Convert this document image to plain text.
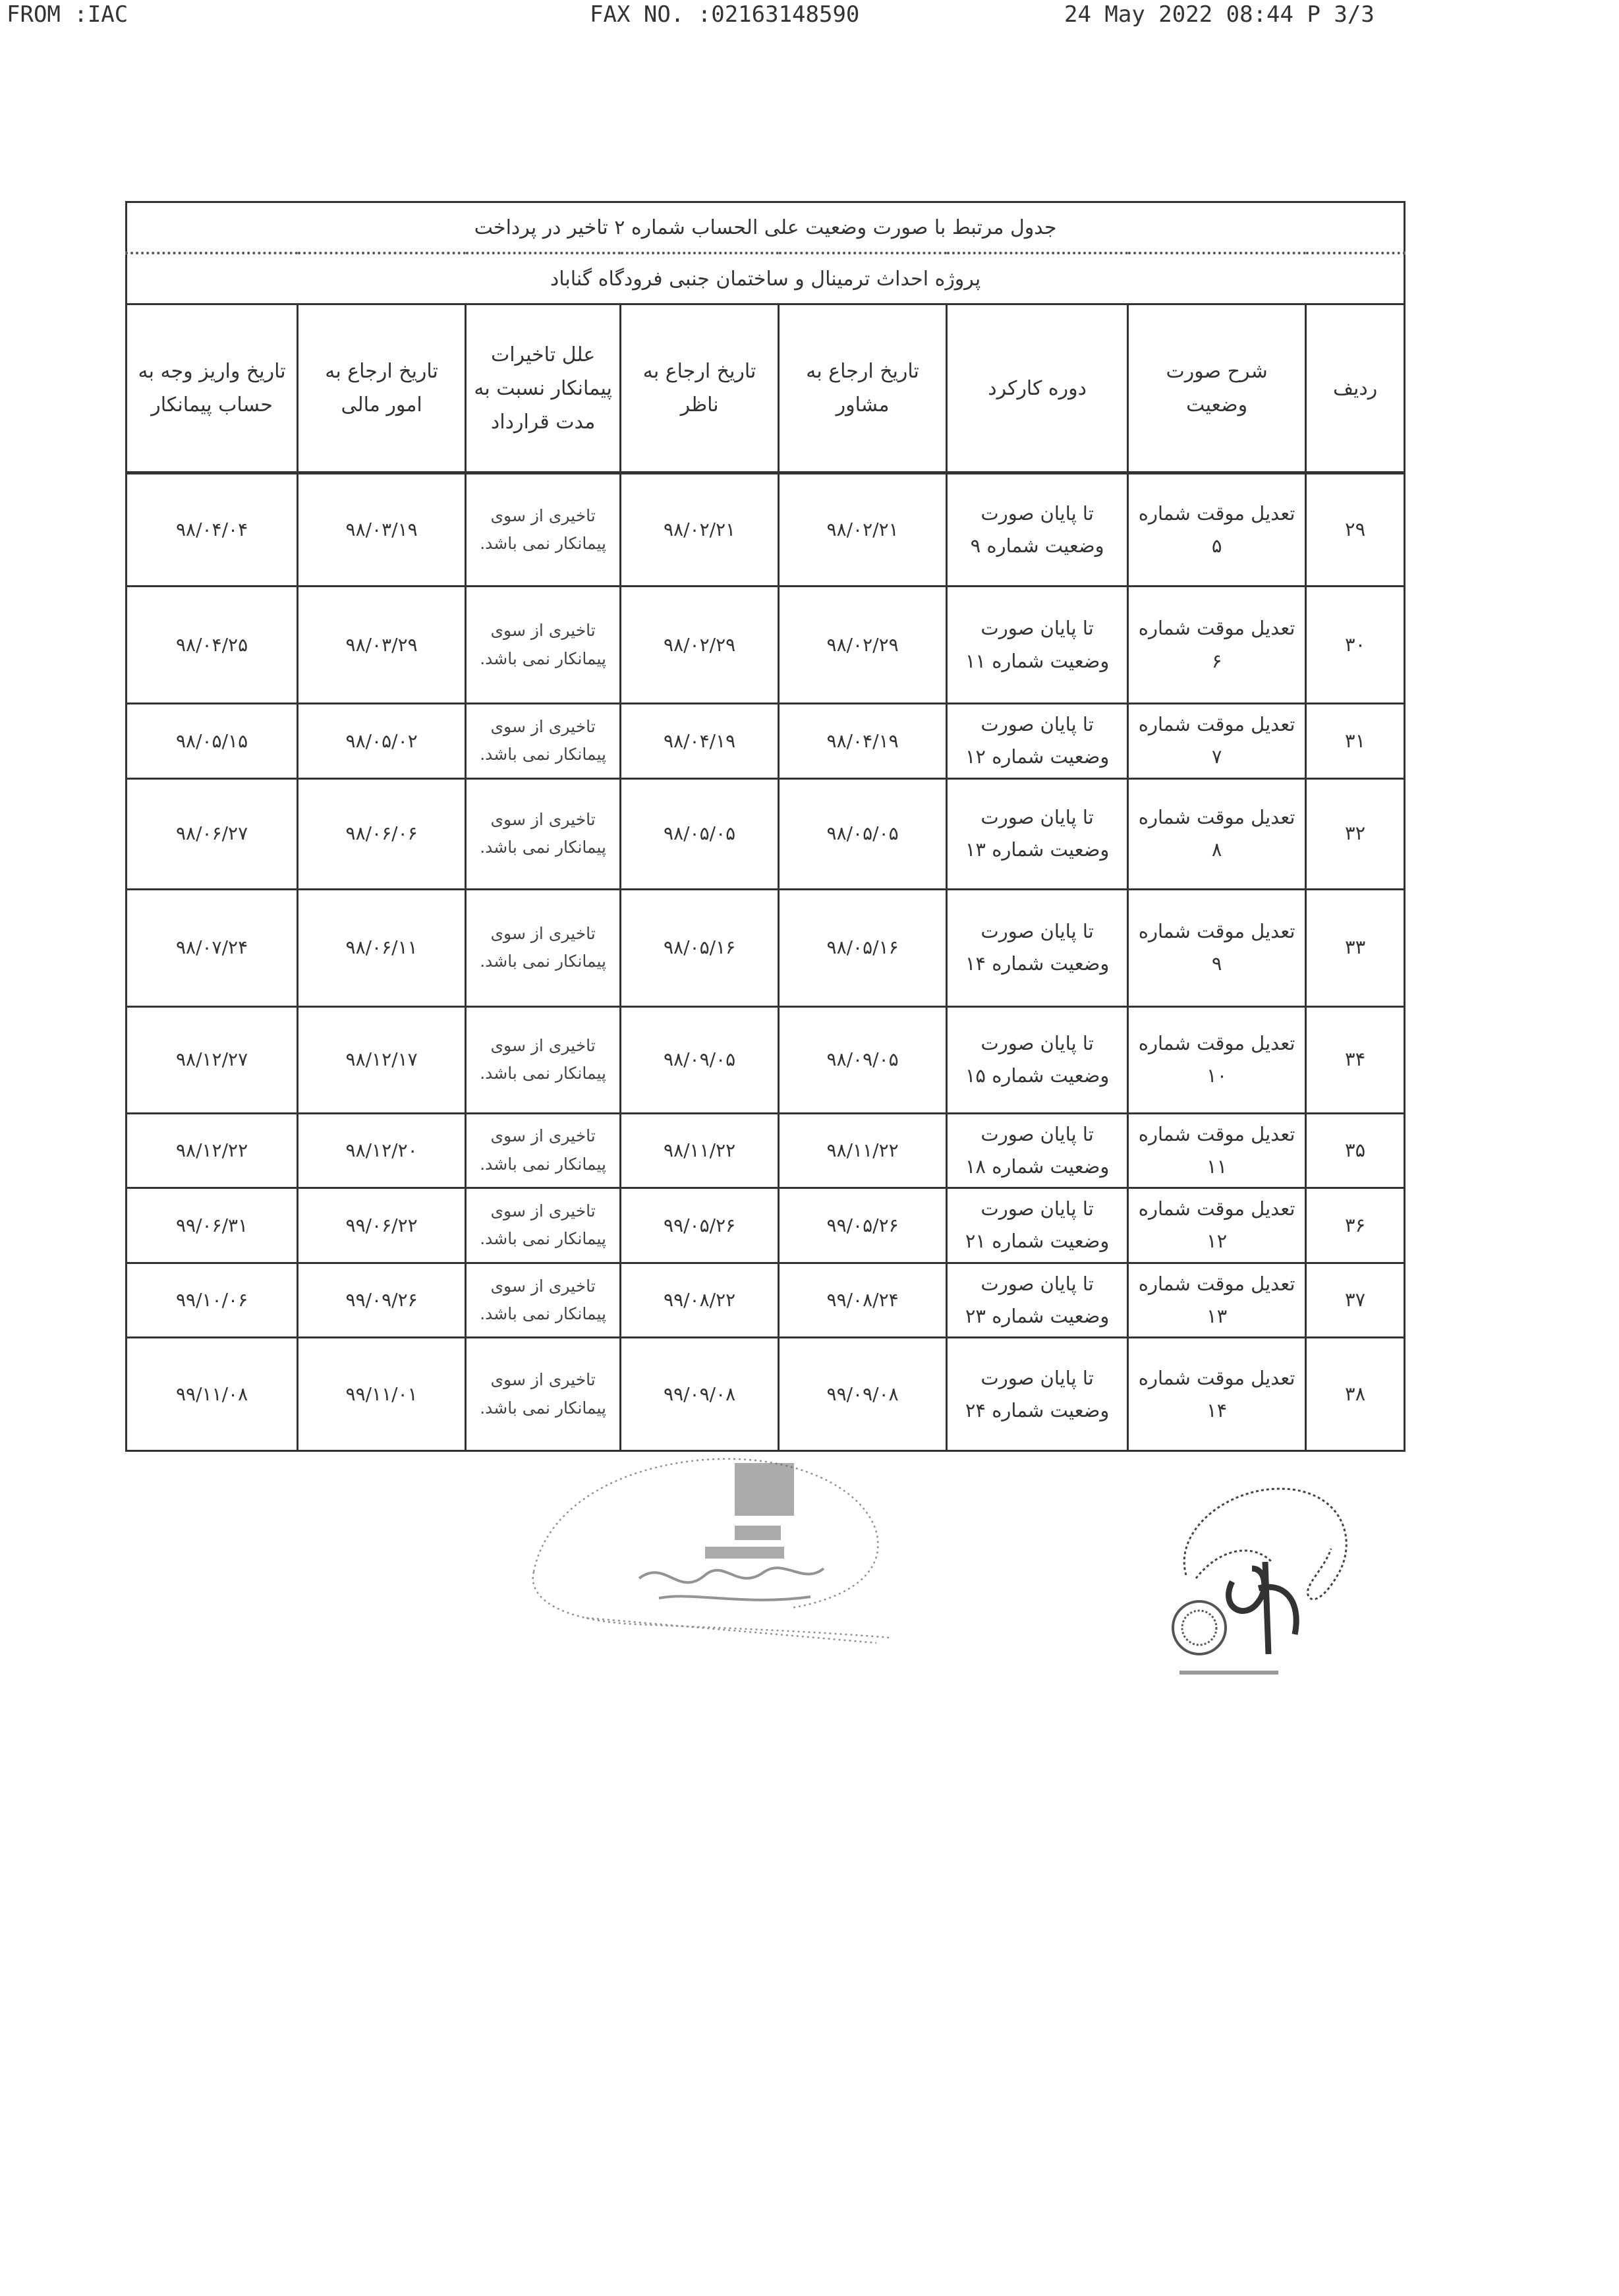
FROM :IAC	FAX NO. :02163148590	24 May 2022 08:44 P 3/3
جدول مرتبط با صورت وضعیت علی الحساب شماره ۲ تاخیر در پرداخت							
پروژه احداث ترمینال و ساختمان جنبی فرودگاه گناباد							
ردیف	شرح صورت وضعیت	دوره کارکرد	تاریخ ارجاع به مشاور	تاریخ ارجاع به ناظر	علل تاخیرات پیمانکار نسبت به مدت قرارداد	تاریخ ارجاع به امور مالی	تاریخ واریز وجه به حساب پیمانکار
۲۹	تعدیل موقت شماره ۵	تا پایان صورت وضعیت شماره ۹	۹۸/۰۲/۲۱	۹۸/۰۲/۲۱	تاخیری از سوی پیمانکار نمی باشد.	۹۸/۰۳/۱۹	۹۸/۰۴/۰۴
۳۰	تعدیل موقت شماره ۶	تا پایان صورت وضعیت شماره ۱۱	۹۸/۰۲/۲۹	۹۸/۰۲/۲۹	تاخیری از سوی پیمانکار نمی باشد.	۹۸/۰۳/۲۹	۹۸/۰۴/۲۵
۳۱	تعدیل موقت شماره ۷	تا پایان صورت وضعیت شماره ۱۲	۹۸/۰۴/۱۹	۹۸/۰۴/۱۹	تاخیری از سوی پیمانکار نمی باشد.	۹۸/۰۵/۰۲	۹۸/۰۵/۱۵
۳۲	تعدیل موقت شماره ۸	تا پایان صورت وضعیت شماره ۱۳	۹۸/۰۵/۰۵	۹۸/۰۵/۰۵	تاخیری از سوی پیمانکار نمی باشد.	۹۸/۰۶/۰۶	۹۸/۰۶/۲۷
۳۳	تعدیل موقت شماره ۹	تا پایان صورت وضعیت شماره ۱۴	۹۸/۰۵/۱۶	۹۸/۰۵/۱۶	تاخیری از سوی پیمانکار نمی باشد.	۹۸/۰۶/۱۱	۹۸/۰۷/۲۴
۳۴	تعدیل موقت شماره ۱۰	تا پایان صورت وضعیت شماره ۱۵	۹۸/۰۹/۰۵	۹۸/۰۹/۰۵	تاخیری از سوی پیمانکار نمی باشد.	۹۸/۱۲/۱۷	۹۸/۱۲/۲۷
۳۵	تعدیل موقت شماره ۱۱	تا پایان صورت وضعیت شماره ۱۸	۹۸/۱۱/۲۲	۹۸/۱۱/۲۲	تاخیری از سوی پیمانکار نمی باشد.	۹۸/۱۲/۲۰	۹۸/۱۲/۲۲
۳۶	تعدیل موقت شماره ۱۲	تا پایان صورت وضعیت شماره ۲۱	۹۹/۰۵/۲۶	۹۹/۰۵/۲۶	تاخیری از سوی پیمانکار نمی باشد.	۹۹/۰۶/۲۲	۹۹/۰۶/۳۱
۳۷	تعدیل موقت شماره ۱۳	تا پایان صورت وضعیت شماره ۲۳	۹۹/۰۸/۲۴	۹۹/۰۸/۲۲	تاخیری از سوی پیمانکار نمی باشد.	۹۹/۰۹/۲۶	۹۹/۱۰/۰۶
۳۸	تعدیل موقت شماره ۱۴	تا پایان صورت وضعیت شماره ۲۴	۹۹/۰۹/۰۸	۹۹/۰۹/۰۸	تاخیری از سوی پیمانکار نمی باشد.	۹۹/۱۱/۰۱	۹۹/۱۱/۰۸
